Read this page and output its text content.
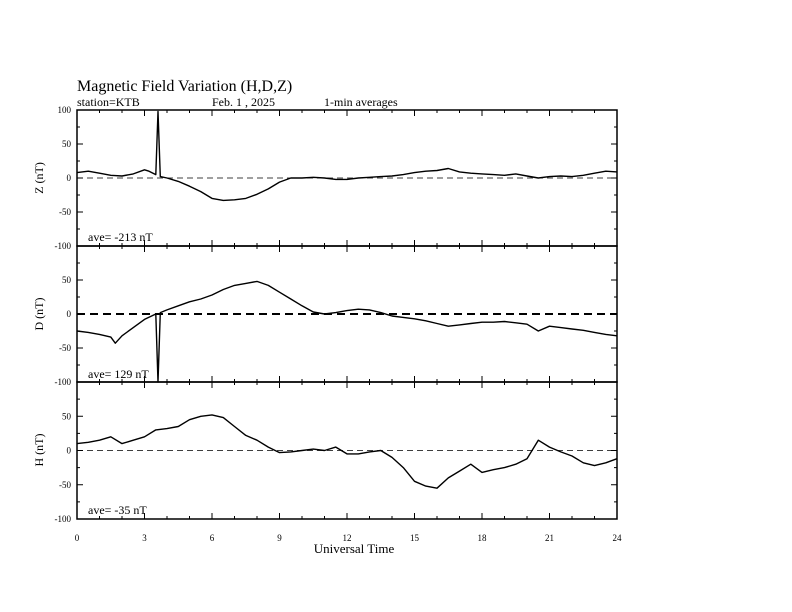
Magnetic Field Variation (H,D,Z)
station=KTB	Feb. 1 , 2025	1-min averages
Z (nT)
ave= -213 nT
100
50
0
-50
-100
D (nT)
ave= 129 nT
50
0
-50
-100
H (nT)
ave= -35 nT
50
0
-50
-100
0	3	6	9	12	15	18	21	24
Universal Time
